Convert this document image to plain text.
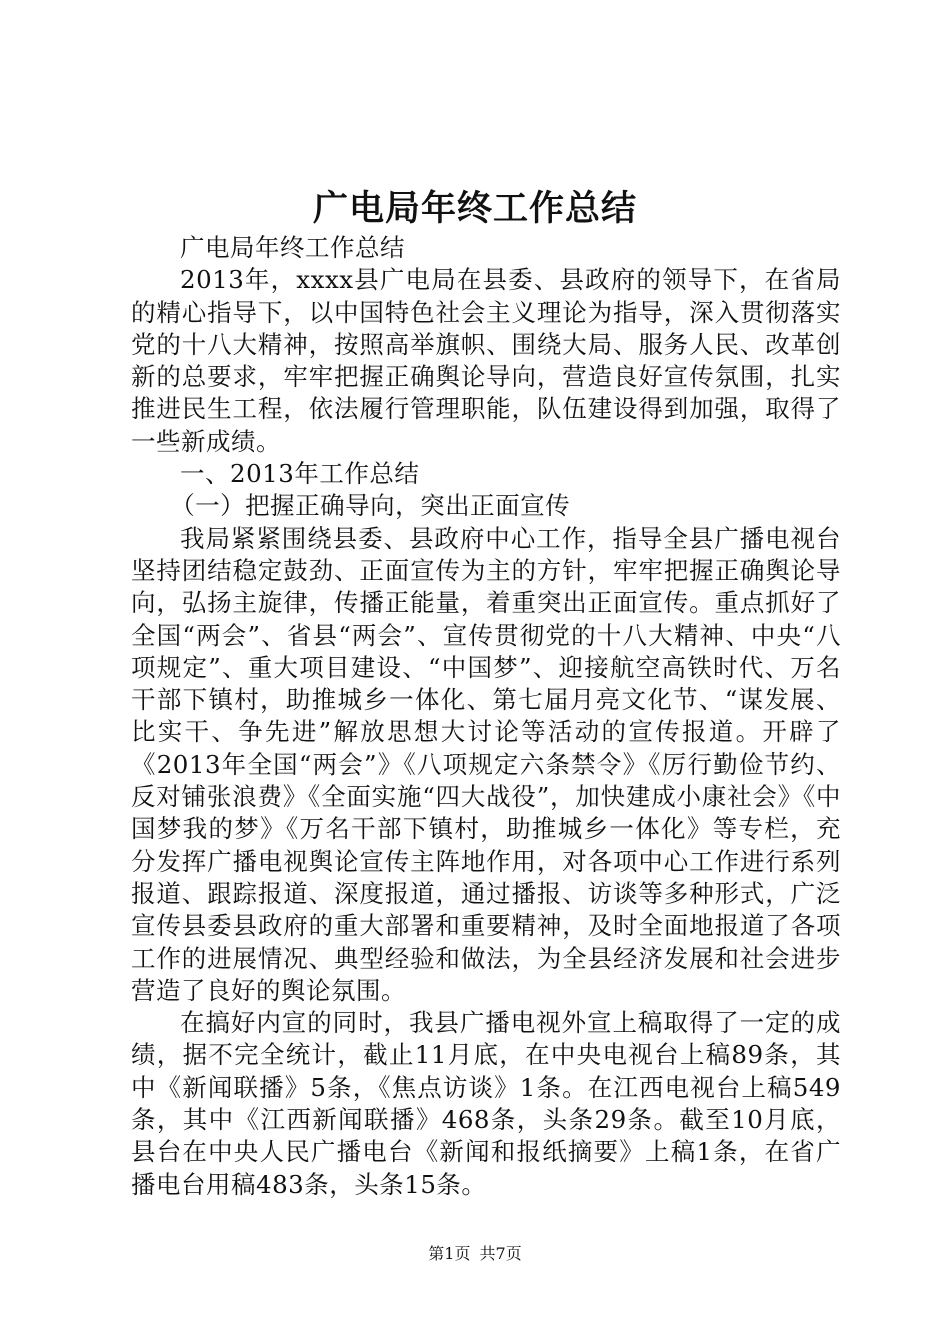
广电局年终工作总结

广电局年终工作总结

2013年，xxxx县广电局在县委、县政府的领导下，在省局的精心指导下，以中国特色社会主义理论为指导，深入贯彻落实党的十八大精神，按照高举旗帜、围绕大局、服务人民、改革创新的总要求，牢牢把握正确舆论导向，营造良好宣传氛围，扎实推进民生工程，依法履行管理职能，队伍建设得到加强，取得了一些新成绩。

一、2013年工作总结

（一）把握正确导向，突出正面宣传

我局紧紧围绕县委、县政府中心工作，指导全县广播电视台坚持团结稳定鼓劲、正面宣传为主的方针，牢牢把握正确舆论导向，弘扬主旋律，传播正能量，着重突出正面宣传。重点抓好了全国“两会”、省县“两会”、宣传贯彻党的十八大精神、中央“八项规定”、重大项目建设、“中国梦”、迎接航空高铁时代、万名干部下镇村，助推城乡一体化、第七届月亮文化节、“谋发展、比实干、争先进”解放思想大讨论等活动的宣传报道。开辟了《2013年全国“两会”》《八项规定六条禁令》《厉行勤俭节约、反对铺张浪费》《全面实施“四大战役”，加快建成小康社会》《中国梦我的梦》《万名干部下镇村，助推城乡一体化》等专栏，充分发挥广播电视舆论宣传主阵地作用，对各项中心工作进行系列报道、跟踪报道、深度报道，通过播报、访谈等多种形式，广泛宣传县委县政府的重大部署和重要精神，及时全面地报道了各项工作的进展情况、典型经验和做法，为全县经济发展和社会进步营造了良好的舆论氛围。

在搞好内宣的同时，我县广播电视外宣上稿取得了一定的成绩，据不完全统计，截止11月底，在中央电视台上稿89条，其中《新闻联播》5条，《焦点访谈》1条。在江西电视台上稿549条，其中《江西新闻联播》468条，头条29条。截至10月底，县台在中央人民广播电台《新闻和报纸摘要》上稿1条，在省广播电台用稿483条，头条15条。

第1页 共7页
